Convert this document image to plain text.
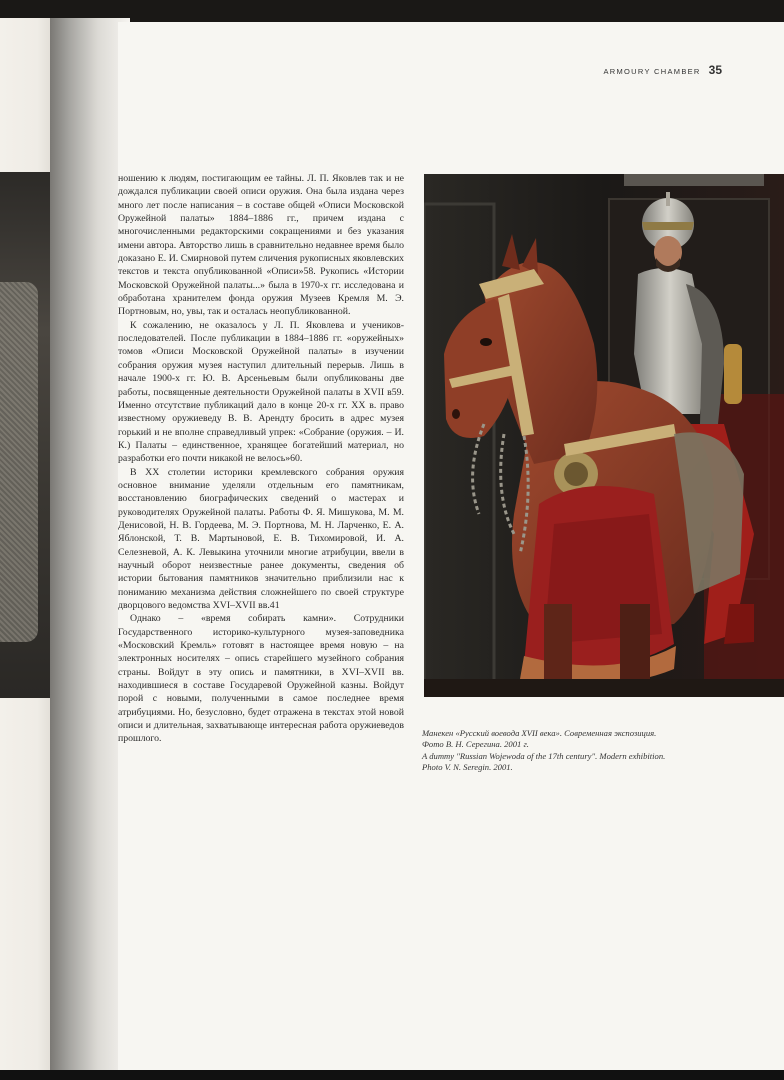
ARMOURY CHAMBER 35

ношению к людям, постигающим ее тайны. Л. П. Яковлев так и не дождался публикации своей описи оружия. Она была издана через много лет после написания – в составе общей «Описи Московской Оружейной палаты» 1884–1886 гг., причем издана с многочисленными редакторскими сокращениями и без указания имени автора. Авторство лишь в сравнительно недавнее время было доказано Е. И. Смирновой путем сличения рукописных яковлевских текстов и текста опубликованной «Описи»58. Рукопись «Истории Московской Оружейной палаты...» была в 1970-х гг. исследована и обработана хранителем фонда оружия Музеев Кремля М. Э. Портновым, но, увы, так и осталась неопубликованной.

К сожалению, не оказалось у Л. П. Яковлева и учеников-последователей. После публикации в 1884–1886 гг. «оружейных» томов «Описи Московской Оружейной палаты» в изучении собрания оружия музея наступил длительный перерыв. Лишь в начале 1900-х гг. Ю. В. Арсеньевым были опубликованы две работы, посвященные деятельности Оружейной палаты в XVII в59. Именно отсутствие публикаций дало в конце 20-х гг. XX в. право известному оружиеведу В. В. Арендту бросить в адрес музея горький и не вполне справедливый упрек: «Собрание (оружия. – И. К.) Палаты – единственное, хранящее богатейший материал, но разработки его почти никакой не велось»60.

В XX столетии историки кремлевского собрания оружия основное внимание уделяли отдельным его памятникам, восстановлению биографических сведений о мастерах и руководителях Оружейной палаты. Работы Ф. Я. Мишукова, М. М. Денисовой, Н. В. Гордеева, М. Э. Портнова, М. Н. Ларченко, Е. А. Яблонской, Т. В. Мартыновой, Е. В. Тихомировой, И. А. Селезневой, А. К. Левыкина уточнили многие атрибуции, ввели в научный оборот неизвестные ранее документы, сведения об истории бытования памятников значительно приблизили нас к пониманию механизма действия сложнейшего по своей структуре дворцового ведомства XVI–XVII вв.41

Однако – «время собирать камни». Сотрудники Государственного историко-культурного музея-заповедника «Московский Кремль» готовят в настоящее время новую – на электронных носителях – опись старейшего музейного собрания страны. Войдут в эту опись и памятники, в XVI–XVII вв. находившиеся в составе Государевой Оружейной казны. Войдут порой с новыми, полученными в самое последнее время атрибуциями. Но, безусловно, будет отражена в текстах этой новой описи и длительная, захватывающе интересная работа оружиеведов прошлого.

Манекен «Русский воевода XVII века». Современная экспозиция.
Фото В. Н. Серегина. 2001 г.
A dummy "Russian Wojewoda of the 17th century". Modern exhibition.
Photo V. N. Seregin. 2001.
